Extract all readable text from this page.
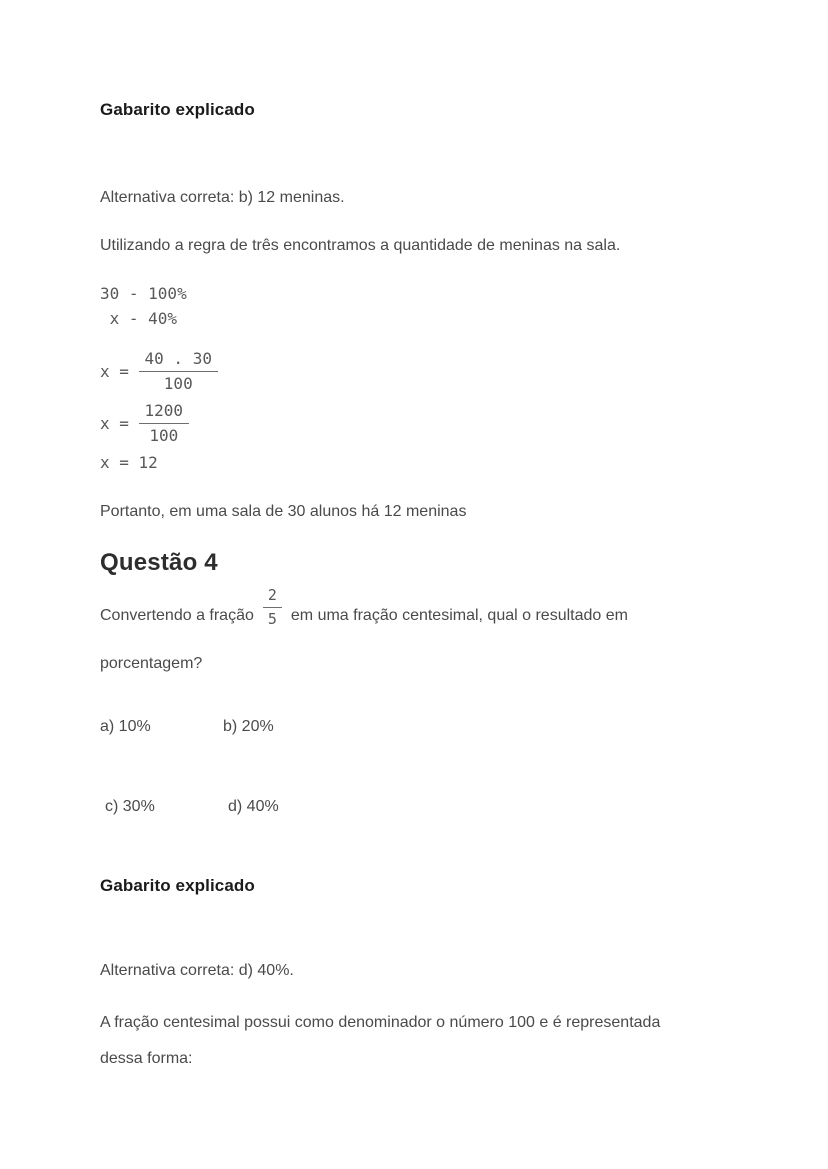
Gabarito explicado
Alternativa correta: b) 12 meninas.
Utilizando a regra de três encontramos a quantidade de meninas na sala.
30 - 100%
x - 40%
$x = \frac{40 . 30}{100}$
$x = \frac{1200}{100}$
x = 12
Portanto, em uma sala de 30 alunos há 12 meninas
Questão 4
Convertendo a fração $\frac{2}{5}$ em uma fração centesimal, qual o resultado em
porcentagem?
a) 10%	b) 20%
c) 30%	d) 40%
Gabarito explicado
Alternativa correta: d) 40%.
A fração centesimal possui como denominador o número 100 e é representada
dessa forma:
